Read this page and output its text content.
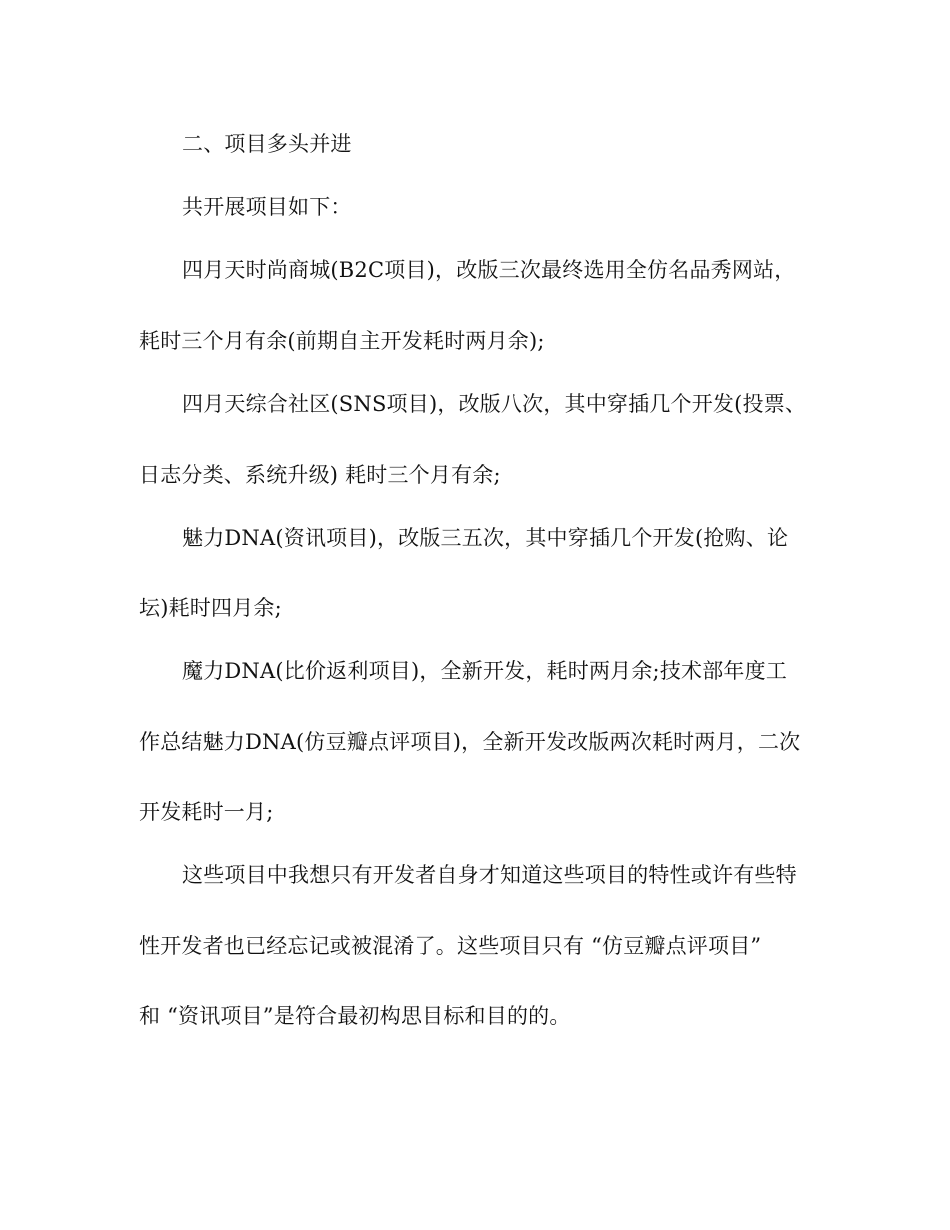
二、项目多头并进
共开展项目如下：
四月天时尚商城(B2C项目)，改版三次最终选用全仿名品秀网站，
耗时三个月有余(前期自主开发耗时两月余);
四月天综合社区(SNS项目)，改版八次，其中穿插几个开发(投票、
日志分类、系统升级) 耗时三个月有余;
魅力DNA(资讯项目)，改版三五次，其中穿插几个开发(抢购、论
坛)耗时四月余;
魔力DNA(比价返利项目)，全新开发，耗时两月余;技术部年度工
作总结魅力DNA(仿豆瓣点评项目)，全新开发改版两次耗时两月，二次
开发耗时一月;
这些项目中我想只有开发者自身才知道这些项目的特性或许有些特
性开发者也已经忘记或被混淆了。这些项目只有 “仿豆瓣点评项目”
和 “资讯项目”是符合最初构思目标和目的的。
